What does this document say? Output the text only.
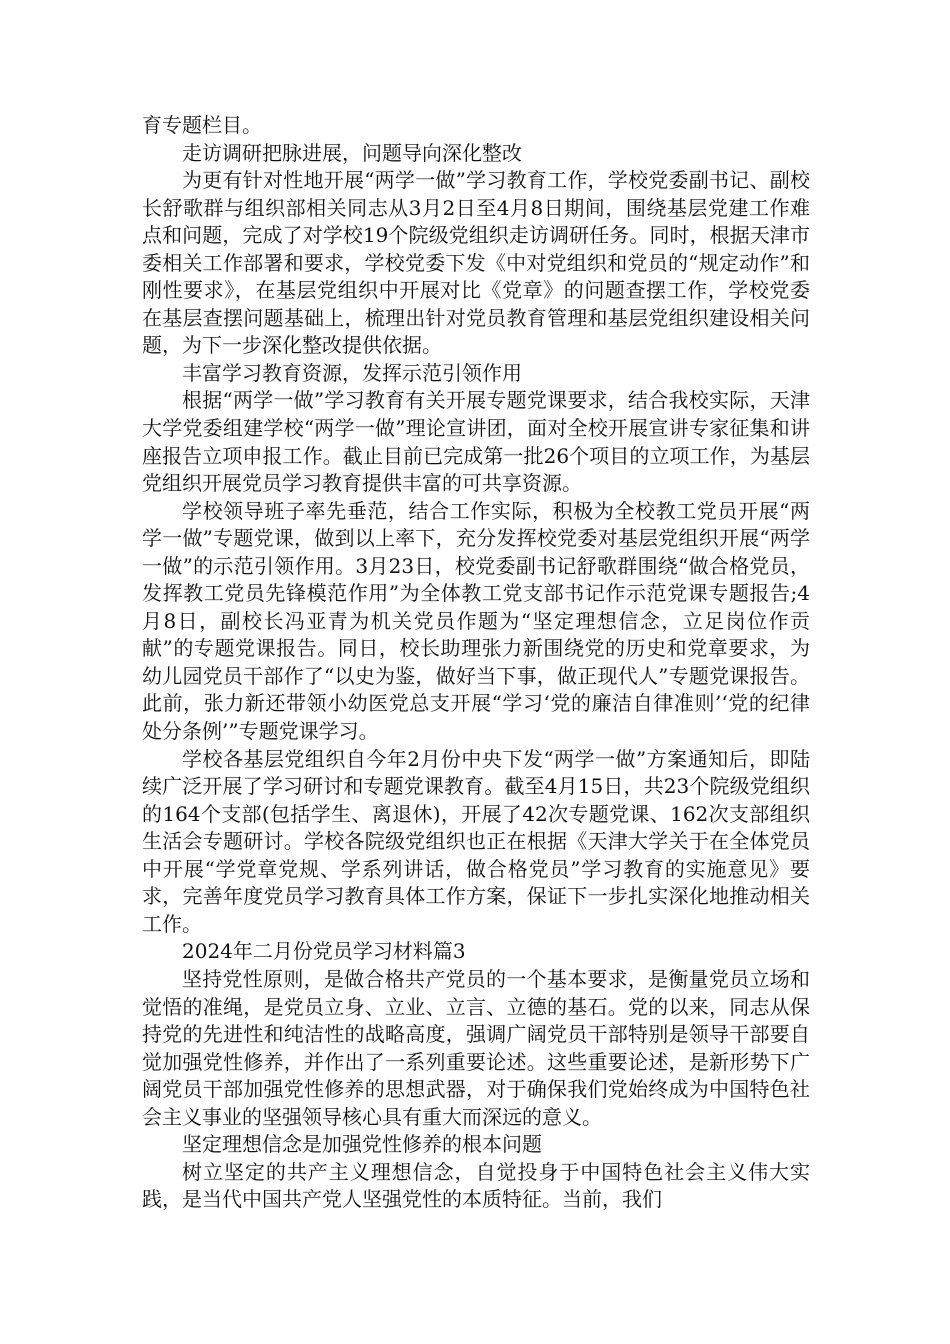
育专题栏目。

走访调研把脉进展，问题导向深化整改

为更有针对性地开展“两学一做”学习教育工作，学校党委副书记、副校长舒歌群与组织部相关同志从3月2日至4月8日期间，围绕基层党建工作难点和问题，完成了对学校19个院级党组织走访调研任务。同时，根据天津市委相关工作部署和要求，学校党委下发《中对党组织和党员的“规定动作”和刚性要求》，在基层党组织中开展对比《党章》的问题查摆工作，学校党委在基层查摆问题基础上，梳理出针对党员教育管理和基层党组织建设相关问题，为下一步深化整改提供依据。

丰富学习教育资源，发挥示范引领作用

根据“两学一做”学习教育有关开展专题党课要求，结合我校实际，天津大学党委组建学校“两学一做”理论宣讲团，面对全校开展宣讲专家征集和讲座报告立项申报工作。截止目前已完成第一批26个项目的立项工作，为基层党组织开展党员学习教育提供丰富的可共享资源。

学校领导班子率先垂范，结合工作实际，积极为全校教工党员开展“两学一做”专题党课，做到以上率下，充分发挥校党委对基层党组织开展“两学一做”的示范引领作用。3月23日，校党委副书记舒歌群围绕“做合格党员，发挥教工党员先锋模范作用”为全体教工党支部书记作示范党课专题报告;4月8日，副校长冯亚青为机关党员作题为“坚定理想信念，立足岗位作贡献”的专题党课报告。同日，校长助理张力新围绕党的历史和党章要求，为幼儿园党员干部作了“以史为鉴，做好当下事，做正现代人”专题党课报告。此前，张力新还带领小幼医党总支开展“学习‘党的廉洁自律准则’‘党的纪律处分条例’”专题党课学习。

学校各基层党组织自今年2月份中央下发“两学一做”方案通知后，即陆续广泛开展了学习研讨和专题党课教育。截至4月15日，共23个院级党组织的164个支部(包括学生、离退休)，开展了42次专题党课、162次支部组织生活会专题研讨。学校各院级党组织也正在根据《天津大学关于在全体党员中开展“学党章党规、学系列讲话，做合格党员”学习教育的实施意见》要求，完善年度党员学习教育具体工作方案，保证下一步扎实深化地推动相关工作。

2024年二月份党员学习材料篇3

坚持党性原则，是做合格共产党员的一个基本要求，是衡量党员立场和觉悟的准绳，是党员立身、立业、立言、立德的基石。党的以来，同志从保持党的先进性和纯洁性的战略高度，强调广阔党员干部特别是领导干部要自觉加强党性修养，并作出了一系列重要论述。这些重要论述，是新形势下广阔党员干部加强党性修养的思想武器，对于确保我们党始终成为中国特色社会主义事业的坚强领导核心具有重大而深远的意义。

坚定理想信念是加强党性修养的根本问题

树立坚定的共产主义理想信念，自觉投身于中国特色社会主义伟大实践，是当代中国共产党人坚强党性的本质特征。当前，我们
